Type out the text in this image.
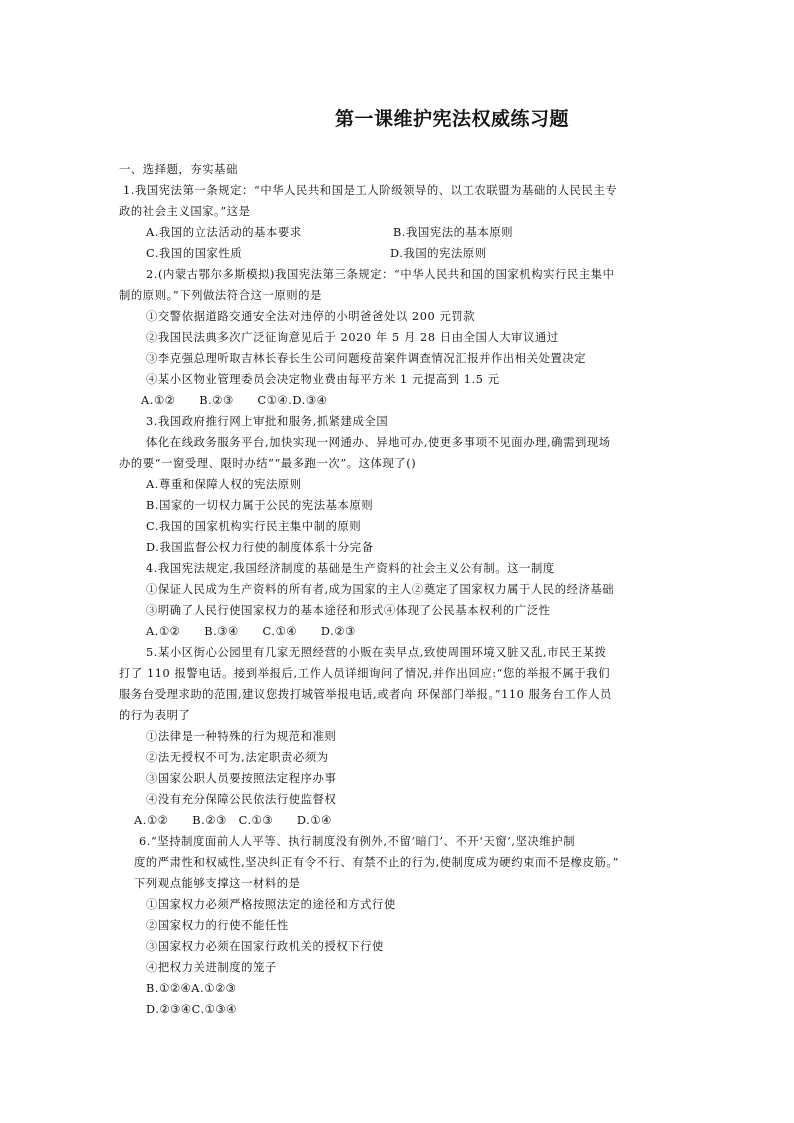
第一课维护宪法权威练习题
一、选择题，夯实基础
1.我国宪法第一条规定：“中华人民共和国是工人阶级领导的、以工农联盟为基础的人民民主专
政的社会主义国家。”这是
A.我国的立法活动的基本要求	B.我国宪法的基本原则
C.我国的国家性质	D.我国的宪法原则
2.(内蒙古鄂尔多斯模拟)我国宪法第三条规定：“中华人民共和国的国家机构实行民主集中
制的原则。”下列做法符合这一原则的是
①交警依据道路交通安全法对违停的小明爸爸处以 200 元罚款
②我国民法典多次广泛征询意见后于 2020 年 5 月 28 日由全国人大审议通过
③李克强总理听取吉林长春长生公司问题疫苗案件调查情况汇报并作出相关处置决定
④某小区物业管理委员会决定物业费由每平方米 1 元提高到 1.5 元
A.①②　　B.②③　　C①④.D.③④
3.我国政府推行网上审批和服务,抓紧建成全国
体化在线政务服务平台,加快实现一网通办、异地可办,使更多事项不见面办理,确需到现场
办的要“一窗受理、限时办结”“最多跑一次”。这体现了()
A.尊重和保障人权的宪法原则
B.国家的一切权力属于公民的宪法基本原则
C.我国的国家机构实行民主集中制的原则
D.我国监督公权力行使的制度体系十分完备
4.我国宪法规定,我国经济制度的基础是生产资料的社会主义公有制。这一制度
①保证人民成为生产资料的所有者,成为国家的主人②奠定了国家权力属于人民的经济基础
③明确了人民行使国家权力的基本途径和形式④体现了公民基本权利的广泛性
A.①②　　B.③④　　C.①④　　D.②③
5.某小区街心公园里有几家无照经营的小贩在卖早点,致使周围环境又脏又乱,市民王某拨
打了 110 报警电话。接到举报后,工作人员详细询问了情况,并作出回应:“您的举报不属于我们
服务台受理求助的范围,建议您拨打城管举报电话,或者向 环保部门举报。”110 服务台工作人员
的行为表明了
①法律是一种特殊的行为规范和准则
②法无授权不可为,法定职责必须为
③国家公职人员要按照法定程序办事
④没有充分保障公民依法行使监督权
A.①②　　B.②③　C.①③　　D.①④
6.“坚持制度面前人人平等、执行制度没有例外,不留‘暗门’、不开‘天窗’,坚决维护制
度的严肃性和权威性,坚决纠正有令不行、有禁不止的行为,使制度成为硬约束而不是橡皮筋。”
下列观点能够支撑这一材料的是
①国家权力必须严格按照法定的途径和方式行使
②国家权力的行使不能任性
③国家权力必须在国家行政机关的授权下行使
④把权力关进制度的笼子
B.①②④A.①②③
D.②③④C.①③④
